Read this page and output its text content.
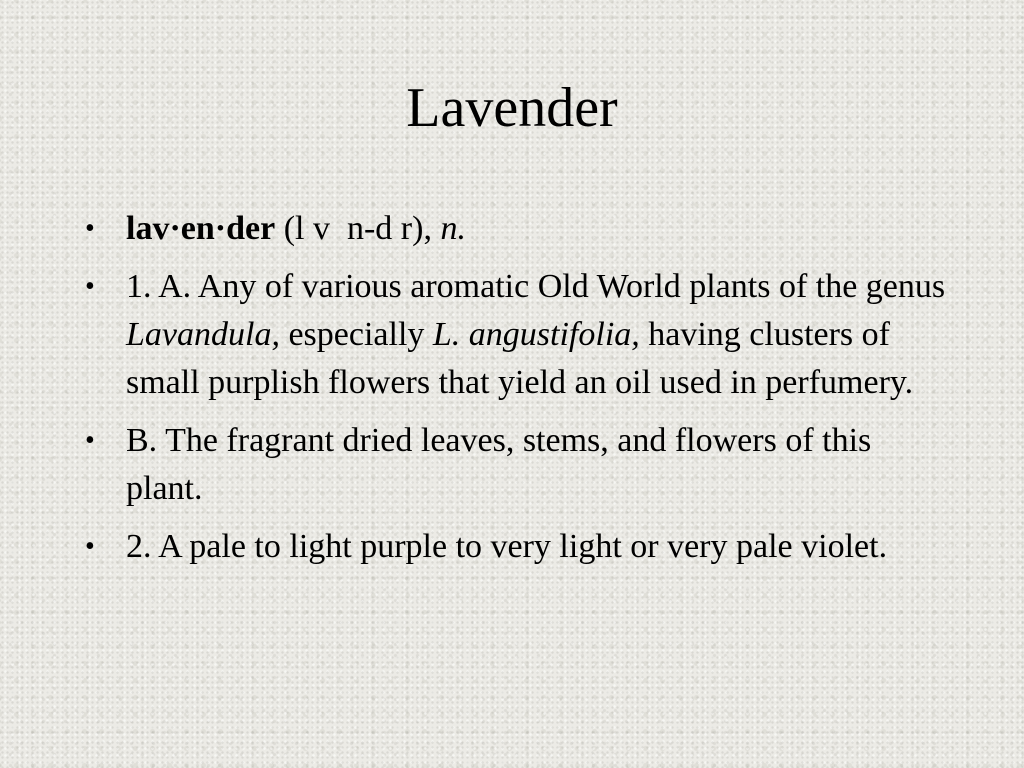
Lavender
• lav·en·der (l v  n-d r), n.
• 1. A. Any of various aromatic Old World plants of the genus Lavandula, especially L. angustifolia, having clusters of small purplish flowers that yield an oil used in perfumery.
• B. The fragrant dried leaves, stems, and flowers of this plant.
• 2. A pale to light purple to very light or very pale violet.
